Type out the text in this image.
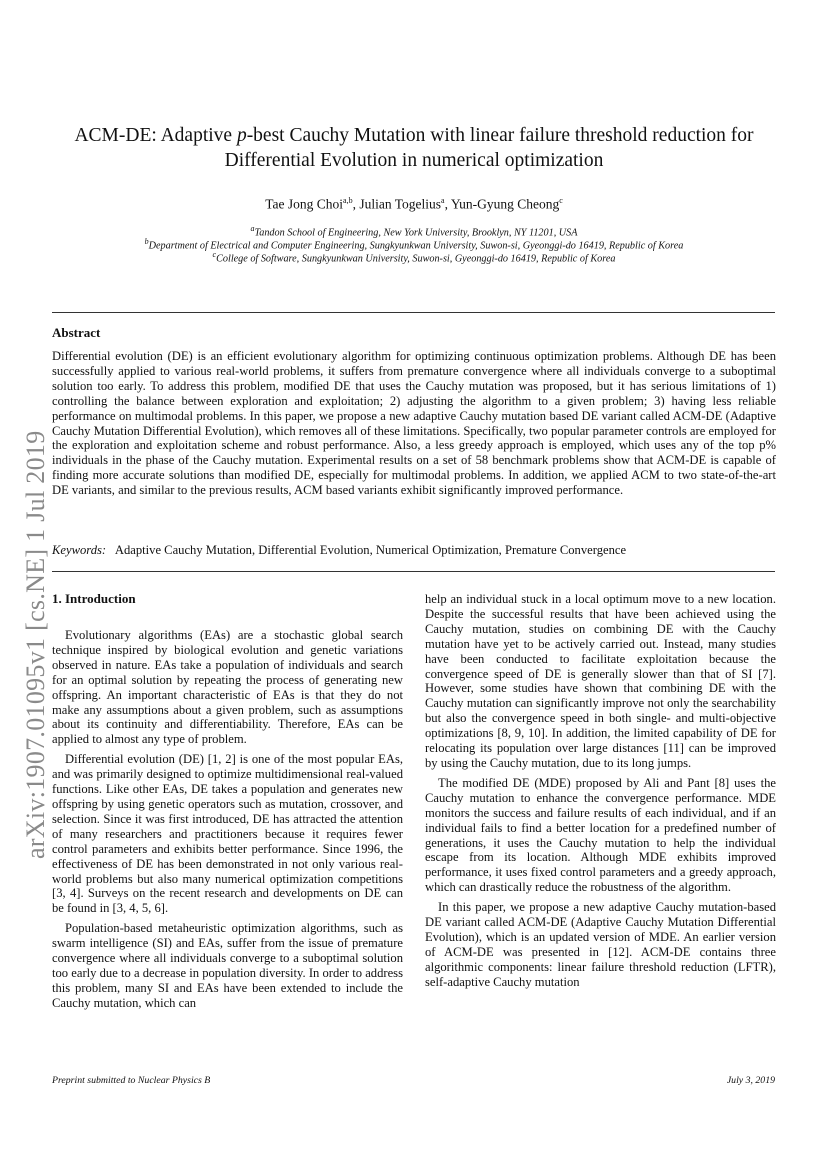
arXiv:1907.01095v1 [cs.NE] 1 Jul 2019
ACM-DE: Adaptive p-best Cauchy Mutation with linear failure threshold reduction for
Differential Evolution in numerical optimization
Tae Jong Choi$^{a,b}$, Julian Togelius$^a$, Yun-Gyung Cheong$^c$
$^a$Tandon School of Engineering, New York University, Brooklyn, NY 11201, USA
$^b$Department of Electrical and Computer Engineering, Sungkyunkwan University, Suwon-si, Gyeonggi-do 16419, Republic of Korea
$^c$College of Software, Sungkyunkwan University, Suwon-si, Gyeonggi-do 16419, Republic of Korea
Abstract
Differential evolution (DE) is an efficient evolutionary algorithm for optimizing continuous optimization problems. Although DE has been successfully applied to various real-world problems, it suffers from premature convergence where all individuals converge to a suboptimal solution too early. To address this problem, modified DE that uses the Cauchy mutation was proposed, but it has serious limitations of 1) controlling the balance between exploration and exploitation; 2) adjusting the algorithm to a given problem; 3) having less reliable performance on multimodal problems. In this paper, we propose a new adaptive Cauchy mutation based DE variant called ACM-DE (Adaptive Cauchy Mutation Differential Evolution), which removes all of these limitations. Specifically, two popular parameter controls are employed for the exploration and exploitation scheme and robust performance. Also, a less greedy approach is employed, which uses any of the top p% individuals in the phase of the Cauchy mutation. Experimental results on a set of 58 benchmark problems show that ACM-DE is capable of finding more accurate solutions than modified DE, especially for multimodal problems. In addition, we applied ACM to two state-of-the-art DE variants, and similar to the previous results, ACM based variants exhibit significantly improved performance.
Keywords: Adaptive Cauchy Mutation, Differential Evolution, Numerical Optimization, Premature Convergence
1. Introduction

Evolutionary algorithms (EAs) are a stochastic global search technique inspired by biological evolution and genetic variations observed in nature. EAs take a population of individuals and search for an optimal solution by repeating the process of generating new offspring. An important characteristic of EAs is that they do not make any assumptions about a given problem, such as assumptions about its continuity and differentiability. Therefore, EAs can be applied to almost any type of problem.

Differential evolution (DE) [1, 2] is one of the most popular EAs, and was primarily designed to optimize multidimensional real-valued functions. Like other EAs, DE takes a population and generates new offspring by using genetic operators such as mutation, crossover, and selection. Since it was first introduced, DE has attracted the attention of many researchers and practitioners because it requires fewer control parameters and exhibits better performance. Since 1996, the effectiveness of DE has been demonstrated in not only various real-world problems but also many numerical optimization competitions [3, 4]. Surveys on the recent research and developments on DE can be found in [3, 4, 5, 6].

Population-based metaheuristic optimization algorithms, such as swarm intelligence (SI) and EAs, suffer from the issue of premature convergence where all individuals converge to a suboptimal solution too early due to a decrease in population diversity. In order to address this problem, many SI and EAs have been extended to include the Cauchy mutation, which can

help an individual stuck in a local optimum move to a new location. Despite the successful results that have been achieved using the Cauchy mutation, studies on combining DE with the Cauchy mutation have yet to be actively carried out. Instead, many studies have been conducted to facilitate exploitation because the convergence speed of DE is generally slower than that of SI [7]. However, some studies have shown that combining DE with the Cauchy mutation can significantly improve not only the searchability but also the convergence speed in both single- and multi-objective optimizations [8, 9, 10]. In addition, the limited capability of DE for relocating its population over large distances [11] can be improved by using the Cauchy mutation, due to its long jumps.

The modified DE (MDE) proposed by Ali and Pant [8] uses the Cauchy mutation to enhance the convergence performance. MDE monitors the success and failure results of each individual, and if an individual fails to find a better location for a predefined number of generations, it uses the Cauchy mutation to help the individual escape from its location. Although MDE exhibits improved performance, it uses fixed control parameters and a greedy approach, which can drastically reduce the robustness of the algorithm.

In this paper, we propose a new adaptive Cauchy mutation-based DE variant called ACM-DE (Adaptive Cauchy Mutation Differential Evolution), which is an updated version of MDE. An earlier version of ACM-DE was presented in [12]. ACM-DE contains three algorithmic components: linear failure threshold reduction (LFTR), self-adaptive Cauchy mutation

Preprint submitted to Nuclear Physics B	July 3, 2019
